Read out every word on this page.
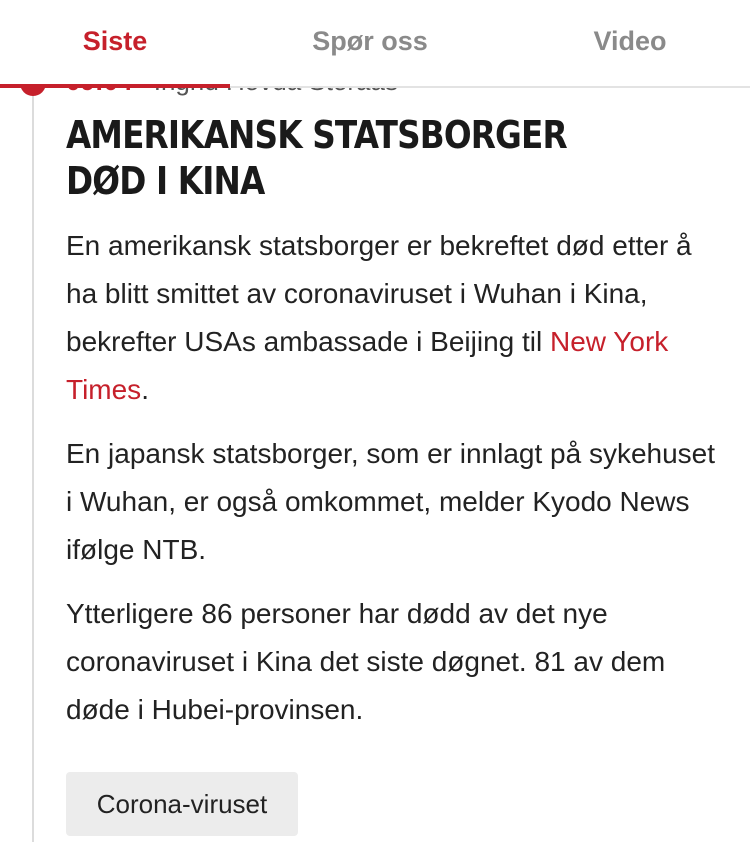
Siste	Spør oss	Video
AMERIKANSK STATSBORGER DØD I KINA

En amerikansk statsborger er bekreftet død etter å ha blitt smittet av coronaviruset i Wuhan i Kina, bekrefter USAs ambassade i Beijing til New York Times.

En japansk statsborger, som er innlagt på sykehuset i Wuhan, er også omkommet, melder Kyodo News ifølge NTB.

Ytterligere 86 personer har dødd av det nye coronaviruset i Kina det siste døgnet. 81 av dem døde i Hubei-provinsen.

Corona-viruset
